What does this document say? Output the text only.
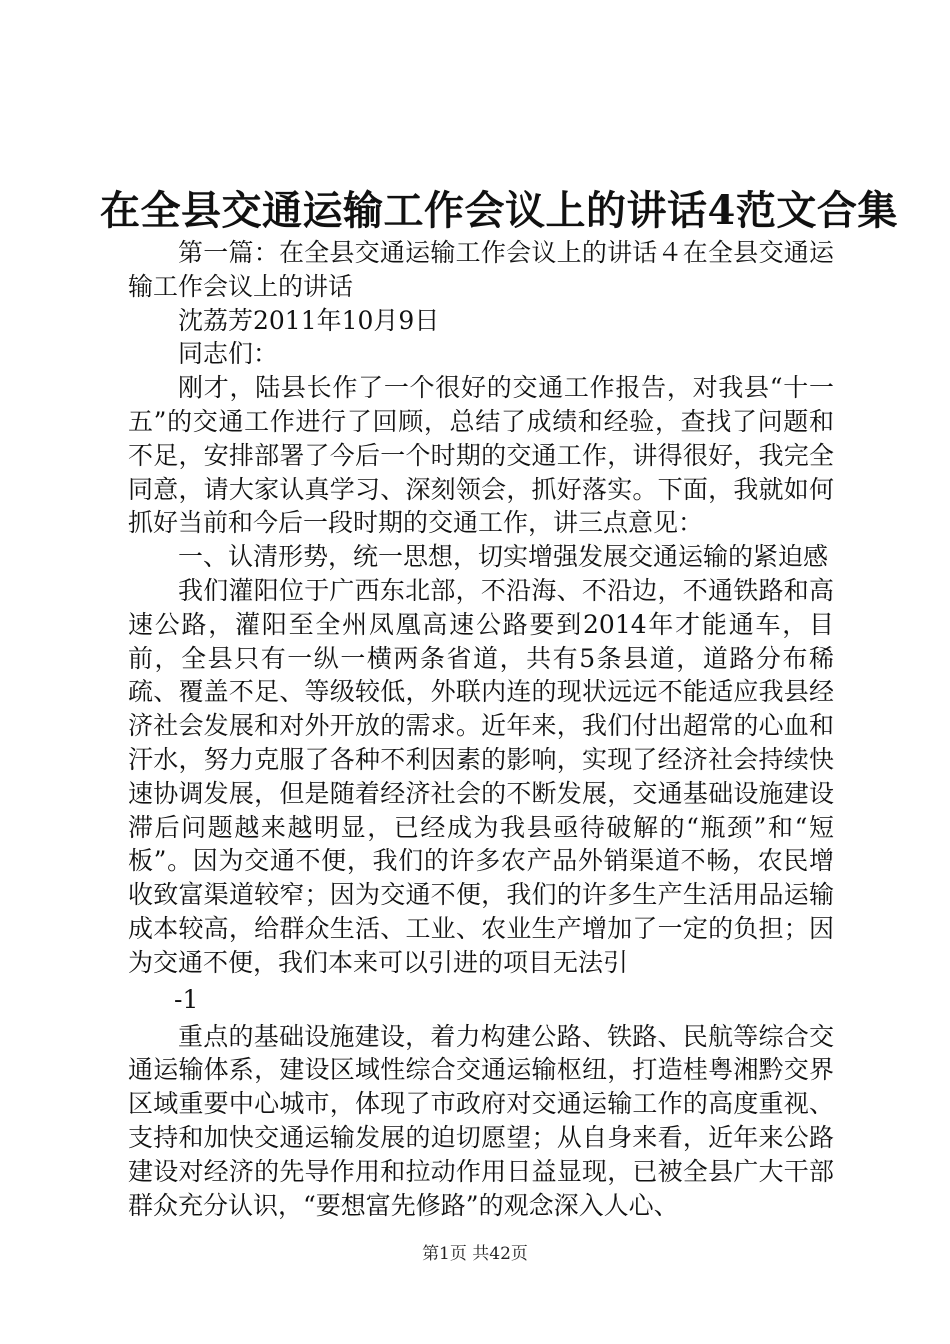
在全县交通运输工作会议上的讲话4范文合集

第一篇：在全县交通运输工作会议上的讲话４在全县交通运输工作会议上的讲话

沈荔芳2011年10月9日

同志们：

刚才，陆县长作了一个很好的交通工作报告，对我县“十一五”的交通工作进行了回顾，总结了成绩和经验，查找了问题和不足，安排部署了今后一个时期的交通工作，讲得很好，我完全同意，请大家认真学习、深刻领会，抓好落实。下面，我就如何抓好当前和今后一段时期的交通工作，讲三点意见：

一、认清形势，统一思想，切实增强发展交通运输的紧迫感

我们灌阳位于广西东北部，不沿海、不沿边，不通铁路和高速公路，灌阳至全州凤凰高速公路要到2014年才能通车，目前，全县只有一纵一横两条省道，共有5条县道，道路分布稀疏、覆盖不足、等级较低，外联内连的现状远远不能适应我县经济社会发展和对外开放的需求。近年来，我们付出超常的心血和汗水，努力克服了各种不利因素的影响，实现了经济社会持续快速协调发展，但是随着经济社会的不断发展，交通基础设施建设滞后问题越来越明显，已经成为我县亟待破解的“瓶颈”和“短板”。因为交通不便，我们的许多农产品外销渠道不畅，农民增收致富渠道较窄；因为交通不便，我们的许多生产生活用品运输成本较高，给群众生活、工业、农业生产增加了一定的负担；因为交通不便，我们本来可以引进的项目无法引

-1

重点的基础设施建设，着力构建公路、铁路、民航等综合交通运输体系，建设区域性综合交通运输枢纽，打造桂粤湘黔交界区域重要中心城市，体现了市政府对交通运输工作的高度重视、支持和加快交通运输发展的迫切愿望；从自身来看，近年来公路建设对经济的先导作用和拉动作用日益显现，已被全县广大干部群众充分认识，“要想富先修路”的观念深入人心、

第1页 共42页
